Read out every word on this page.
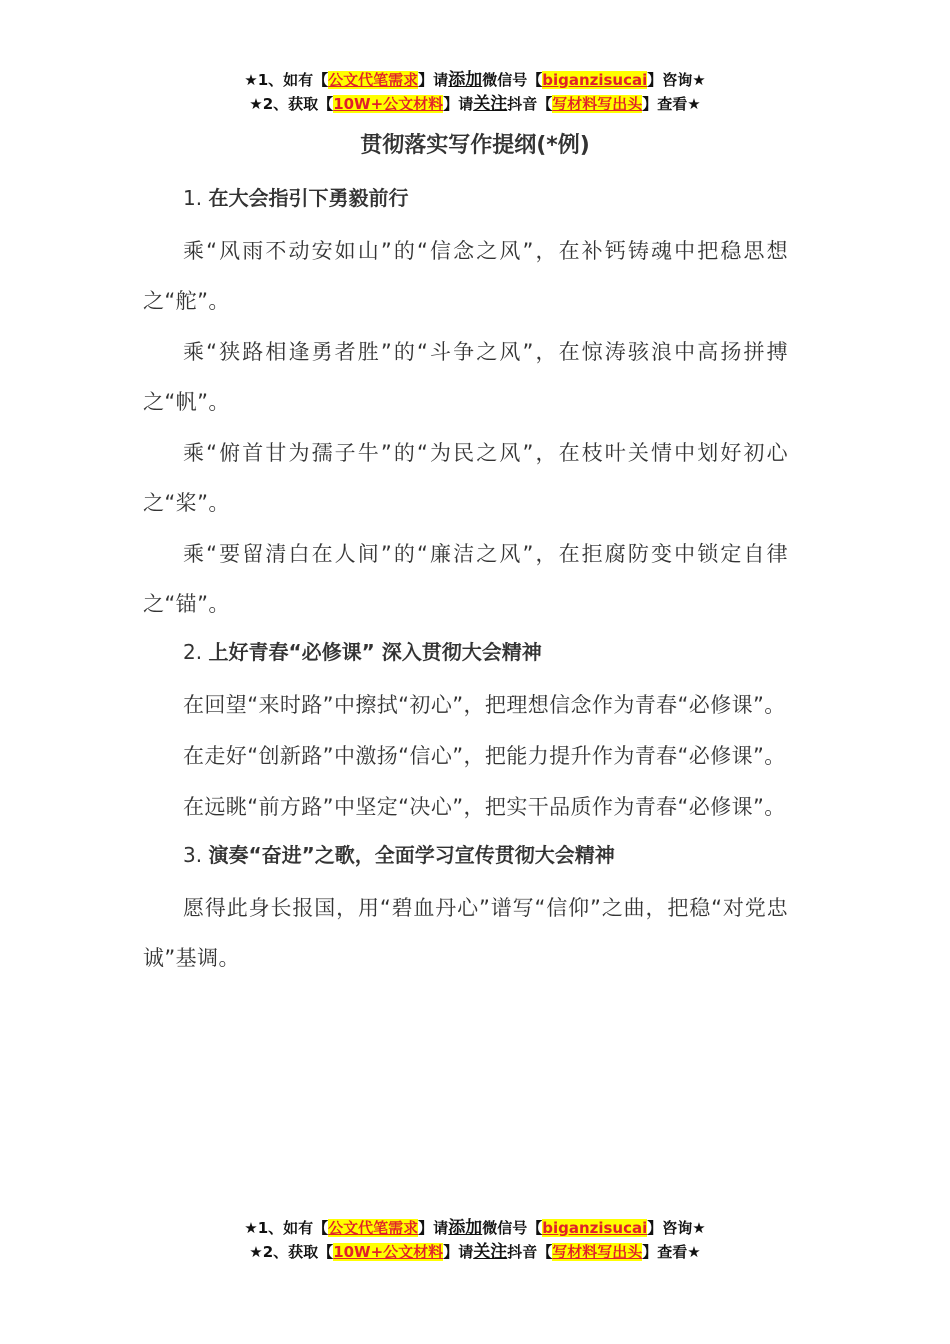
★1、如有【公文代笔需求】请添加微信号【biganzisucai】咨询★
★2、获取【10W+公文材料】请关注抖音【写材料写出头】查看★
贯彻落实写作提纲(*例)
1. 在大会指引下勇毅前行

乘“风雨不动安如山”的“信念之风”，在补钙铸魂中把稳思想之“舵”。

乘“狭路相逢勇者胜”的“斗争之风”，在惊涛骇浪中高扬拼搏之“帆”。

乘“俯首甘为孺子牛”的“为民之风”，在枝叶关情中划好初心之“桨”。

乘“要留清白在人间”的“廉洁之风”，在拒腐防变中锁定自律之“锚”。

2. 上好青春“必修课” 深入贯彻大会精神

在回望“来时路”中擦拭“初心”，把理想信念作为青春“必修课”。

在走好“创新路”中激扬“信心”，把能力提升作为青春“必修课”。

在远眺“前方路”中坚定“决心”，把实干品质作为青春“必修课”。

3. 演奏“奋进”之歌，全面学习宣传贯彻大会精神

愿得此身长报国，用“碧血丹心”谱写“信仰”之曲，把稳“对党忠诚”基调。

★1、如有【公文代笔需求】请添加微信号【biganzisucai】咨询★
★2、获取【10W+公文材料】请关注抖音【写材料写出头】查看★
